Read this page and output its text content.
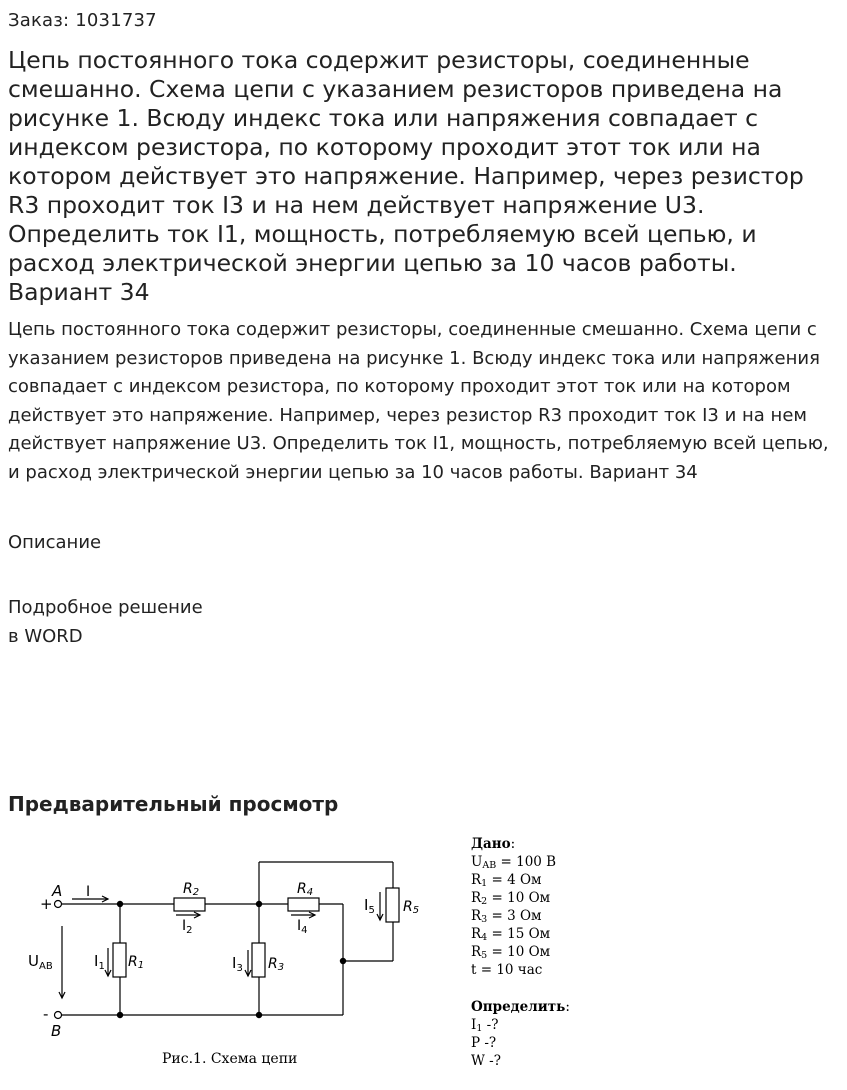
Заказ: 1031737
Цепь постоянного тока содержит резисторы, соединенные смешанно. Схема цепи с указанием резисторов приведена на рисунке 1. Всюду индекс тока или напряжения совпадает с индексом резистора, по которому проходит этот ток или на котором действует это напряжение. Например, через резистор R3 проходит ток I3 и на нем действует напряжение U3. Определить ток I1, мощность, потребляемую всей цепью, и расход электрической энергии цепью за 10 часов работы. Вариант 34

Цепь постоянного тока содержит резисторы, соединенные смешанно. Схема цепи с указанием резисторов приведена на рисунке 1. Всюду индекс тока или напряжения совпадает с индексом резистора, по которому проходит этот ток или на котором действует это напряжение. Например, через резистор R3 проходит ток I3 и на нем действует напряжение U3. Определить ток I1, мощность, потребляемую всей цепью, и расход электрической энергии цепью за 10 часов работы. Вариант 34

Описание
Подробное решение
в WORD
Предварительный просмотр
A
+
-
B
I
$U_{AB}$	$I_1$ R1
R2
$I_2$
$I_3$ R3
R4
$I_4$
$I_5$ R5
Рис.1. Схема цепи
Дано:
UAB = 100 В
R1 = 4 Ом
R2 = 10 Ом
R3 = 3 Ом
R4 = 15 Ом
R5 = 10 Ом
t = 10 час
Определить:
I1 -?
P -?
W -?
